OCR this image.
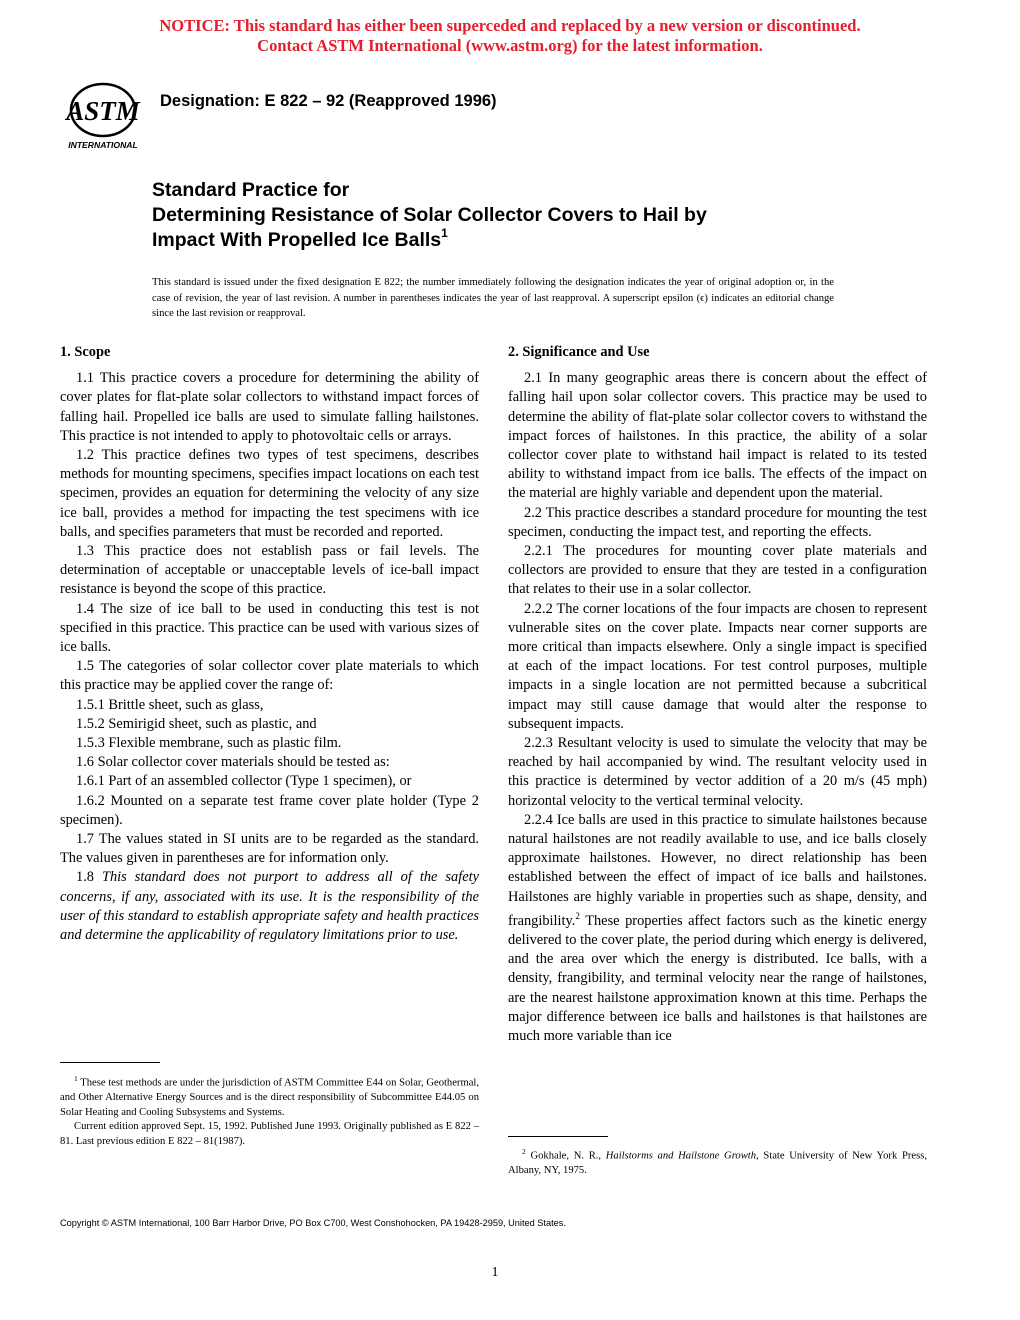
NOTICE: This standard has either been superceded and replaced by a new version or discontinued.
Contact ASTM International (www.astm.org) for the latest information.
ASTM
INTERNATIONAL
Designation: E 822 – 92 (Reapproved 1996)
Standard Practice for
Determining Resistance of Solar Collector Covers to Hail by
Impact With Propelled Ice Balls$^1$
This standard is issued under the fixed designation E 822; the number immediately following the designation indicates the year of original adoption or, in the case of revision, the year of last revision. A number in parentheses indicates the year of last reapproval. A superscript epsilon (ϵ) indicates an editorial change since the last revision or reapproval.
1. Scope

1.1 This practice covers a procedure for determining the ability of cover plates for flat-plate solar collectors to withstand impact forces of falling hail. Propelled ice balls are used to simulate falling hailstones. This practice is not intended to apply to photovoltaic cells or arrays.

1.2 This practice defines two types of test specimens, describes methods for mounting specimens, specifies impact locations on each test specimen, provides an equation for determining the velocity of any size ice ball, provides a method for impacting the test specimens with ice balls, and specifies parameters that must be recorded and reported.

1.3 This practice does not establish pass or fail levels. The determination of acceptable or unacceptable levels of ice-ball impact resistance is beyond the scope of this practice.

1.4 The size of ice ball to be used in conducting this test is not specified in this practice. This practice can be used with various sizes of ice balls.

1.5 The categories of solar collector cover plate materials to which this practice may be applied cover the range of:

1.5.1 Brittle sheet, such as glass,

1.5.2 Semirigid sheet, such as plastic, and

1.5.3 Flexible membrane, such as plastic film.

1.6 Solar collector cover materials should be tested as:

1.6.1 Part of an assembled collector (Type 1 specimen), or

1.6.2 Mounted on a separate test frame cover plate holder (Type 2 specimen).

1.7 The values stated in SI units are to be regarded as the standard. The values given in parentheses are for information only.

1.8 This standard does not purport to address all of the safety concerns, if any, associated with its use. It is the responsibility of the user of this standard to establish appropriate safety and health practices and determine the applicability of regulatory limitations prior to use.

2. Significance and Use

2.1 In many geographic areas there is concern about the effect of falling hail upon solar collector covers. This practice may be used to determine the ability of flat-plate solar collector covers to withstand the impact forces of hailstones. In this practice, the ability of a solar collector cover plate to withstand hail impact is related to its tested ability to withstand impact from ice balls. The effects of the impact on the material are highly variable and dependent upon the material.

2.2 This practice describes a standard procedure for mounting the test specimen, conducting the impact test, and reporting the effects.

2.2.1 The procedures for mounting cover plate materials and collectors are provided to ensure that they are tested in a configuration that relates to their use in a solar collector.

2.2.2 The corner locations of the four impacts are chosen to represent vulnerable sites on the cover plate. Impacts near corner supports are more critical than impacts elsewhere. Only a single impact is specified at each of the impact locations. For test control purposes, multiple impacts in a single location are not permitted because a subcritical impact may still cause damage that would alter the response to subsequent impacts.

2.2.3 Resultant velocity is used to simulate the velocity that may be reached by hail accompanied by wind. The resultant velocity used in this practice is determined by vector addition of a 20 m/s (45 mph) horizontal velocity to the vertical terminal velocity.

2.2.4 Ice balls are used in this practice to simulate hailstones because natural hailstones are not readily available to use, and ice balls closely approximate hailstones. However, no direct relationship has been established between the effect of impact of ice balls and hailstones. Hailstones are highly variable in properties such as shape, density, and frangibility.$^2$ These properties affect factors such as the kinetic energy delivered to the cover plate, the period during which energy is delivered, and the area over which the energy is distributed. Ice balls, with a density, frangibility, and terminal velocity near the range of hailstones, are the nearest hailstone approximation known at this time. Perhaps the major difference between ice balls and hailstones is that hailstones are much more variable than ice

$^1$ These test methods are under the jurisdiction of ASTM Committee E44 on Solar, Geothermal, and Other Alternative Energy Sources and is the direct responsibility of Subcommittee E44.05 on Solar Heating and Cooling Subsystems and Systems.

Current edition approved Sept. 15, 1992. Published June 1993. Originally published as E 822 – 81. Last previous edition E 822 – 81(1987).

$^2$ Gokhale, N. R., Hailstorms and Hailstone Growth, State University of New York Press, Albany, NY, 1975.

Copyright © ASTM International, 100 Barr Harbor Drive, PO Box C700, West Conshohocken, PA 19428-2959, United States.
1
